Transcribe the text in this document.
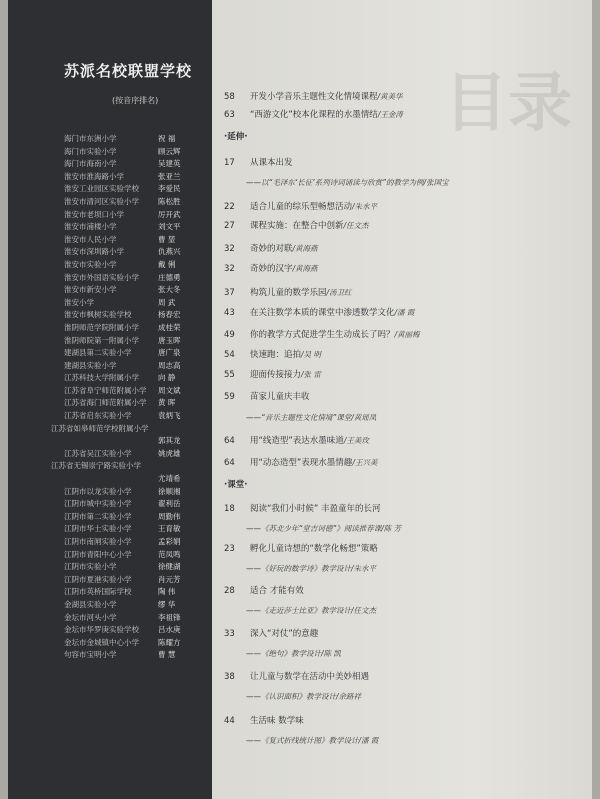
目录
苏派名校联盟学校
(按音序排名)
海门市东洲小学	祝 福
海门市实验小学	顾云辉
海门市海南小学	吴建英
淮安市淮海路小学	张亚兰
淮安工业园区实验学校	李爱民
淮安市清河区实验小学	陈松胜
淮安市老坝口小学	厉开武
淮安市浦楼小学	刘文平
淮安市人民小学	曹 堃
淮安市深圳路小学	仇燕兴
淮安市实验小学	戴 俐
淮安市外国语实验小学	庄德勇
淮安市新安小学	张大冬
淮安小学	周 武
淮安市枫树实验学校	杨春宏
淮阴师范学院附属小学	成桂荣
淮阴师院第一附属小学	唐玉晖
建湖县第二实验小学	唐广泉
建湖县实验小学	周志高
江苏科技大学附属小学	向 静
江苏省阜宁师范附属小学 周文斌
江苏省海门师范附属小学 黄 晖
江苏省启东实验小学	袁炳飞
江苏省如皋师范学校附属小学
郭其龙
江苏省吴江实验小学	姚虎雄
江苏省无锡崇宁路实验小学
尤靖希
江阴市以龙实验小学	徐顺湘
江阴市城中实验小学	翟利岳
江阴市第二实验小学	周勤伟
江阴市华士实验小学	王育敏
江阴市南闸实验小学	孟彩娟
江阴市青阳中心小学	范凤鸣
江阴市实验小学	徐健湖
江阴市夏港实验小学	肖元芳
江阴市英桥国际学校	陶 伟
金湖县实验小学	缪 华
金坛市河头小学	李祖锋
金坛市华罗庚实验学校	吕水庚
金坛市金城镇中心小学	陈耀方
句容市宝明小学	曹 慧
58 开发小学音乐主题性文化情境课程/黄美华
63 “西游文化”校本化课程的水墨情结/王金涛
·延伸·
17 从课本出发
——以“毛泽东‘长征’系列诗词诵读与欣赏”的教学为例/张国宝
22 适合儿童的综乐型畅想活动/朱水平
27 课程实施：在整合中创新/任文杰
32 奇妙的对联/黄海燕
32 奇妙的汉字/黄海燕
37 构筑儿童的数学乐园/汤卫红
43 在关注数学本质的课堂中渗透数学文化/潘 霞
49 你的教学方式促进学生生动成长了吗？/黄丽梅
54 快速跑：追拍/吴 明
55 迎面传接接力/张 雷
59 苗家儿童庆丰收
——“音乐主题性文化情境”课堂/黄瑶凤
64 用“线造型”表达水墨味道/王美玫
64 用“动态造型”表现水墨情趣/王兴美
·课堂·
18 阅读“我们小时候” 丰盈童年的长河
——《苏北少年“堂吉诃德”》阅读推荐课/陈 芳
23 孵化儿童诗想的“数学化畅想”策略
——《好玩的数学诗》教学设计/朱水平
28 适合 才能有效
——《走近莎士比亚》教学设计/任文杰
33 深入“对仗”的意趣
——《绝句》教学设计/陈 凯
38 让儿童与数学在活动中美妙相遇
——《认识面积》教学设计/余路祥
44 生活味 数学味
——《复式折线统计图》教学设计/潘 霞
